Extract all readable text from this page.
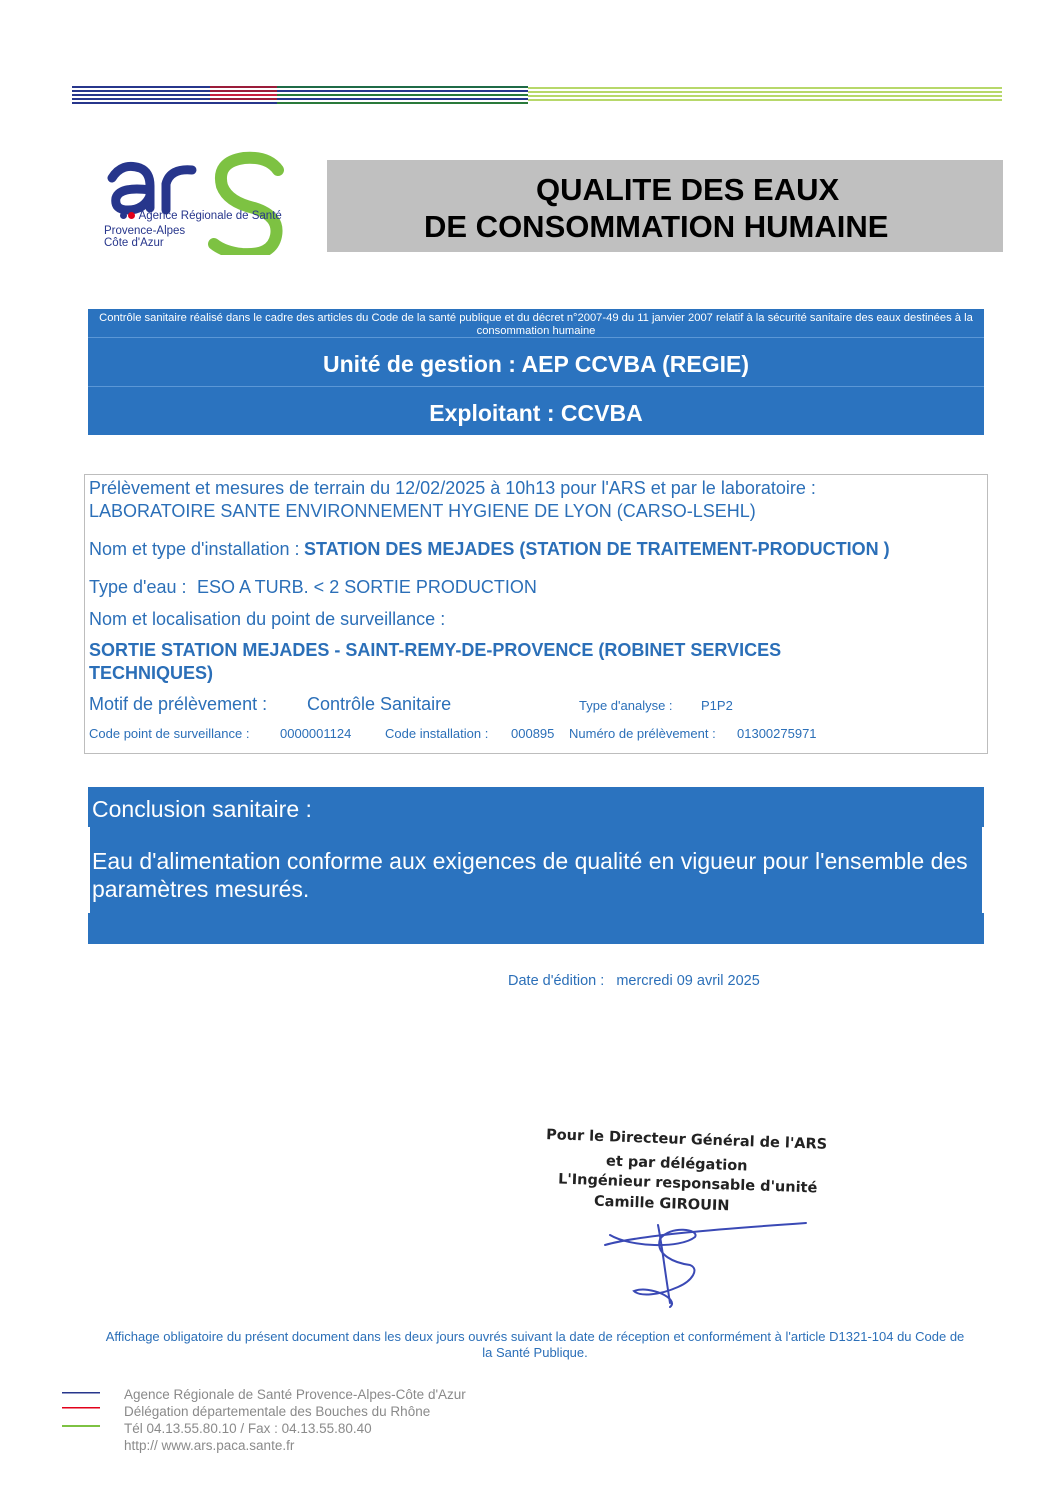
Agence Régionale de Santé
Provence-Alpes
Côte d'Azur
QUALITE DES EAUX
DE CONSOMMATION HUMAINE
Contrôle sanitaire réalisé dans le cadre des articles du Code de la santé publique et du décret n°2007-49 du 11 janvier 2007 relatif à la sécurité sanitaire des eaux destinées à la consommation humaine
Unité de gestion : AEP CCVBA (REGIE)
Exploitant : CCVBA
Prélèvement et mesures de terrain du 12/02/2025 à 10h13 pour l'ARS et par le laboratoire :
LABORATOIRE SANTE ENVIRONNEMENT HYGIENE DE LYON (CARSO-LSEHL)
Nom et type d'installation : STATION DES MEJADES (STATION DE TRAITEMENT-PRODUCTION )
Type d'eau : ESO A TURB. < 2 SORTIE PRODUCTION
Nom et localisation du point de surveillance :
SORTIE STATION MEJADES - SAINT-REMY-DE-PROVENCE (ROBINET SERVICES
TECHNIQUES)
Motif de prélèvement : Contrôle Sanitaire	Type d'analyse : P1P2
Code point de surveillance : 0000001124	Code installation : 000895 Numéro de prélèvement : 01300275971
Conclusion sanitaire :
Eau d'alimentation conforme aux exigences de qualité en vigueur pour l'ensemble des paramètres mesurés.
Date d'édition : mercredi 09 avril 2025
Pour le Directeur Général de l'ARS
et par délégation
L'Ingénieur responsable d'unité
Camille GIROUIN
Affichage obligatoire du présent document dans les deux jours ouvrés suivant la date de réception et conformément à l'article D1321-104 du Code de la Santé Publique.
Agence Régionale de Santé Provence-Alpes-Côte d'Azur
Délégation départementale des Bouches du Rhône
Tél 04.13.55.80.10 / Fax : 04.13.55.80.40
http:// www.ars.paca.sante.fr
